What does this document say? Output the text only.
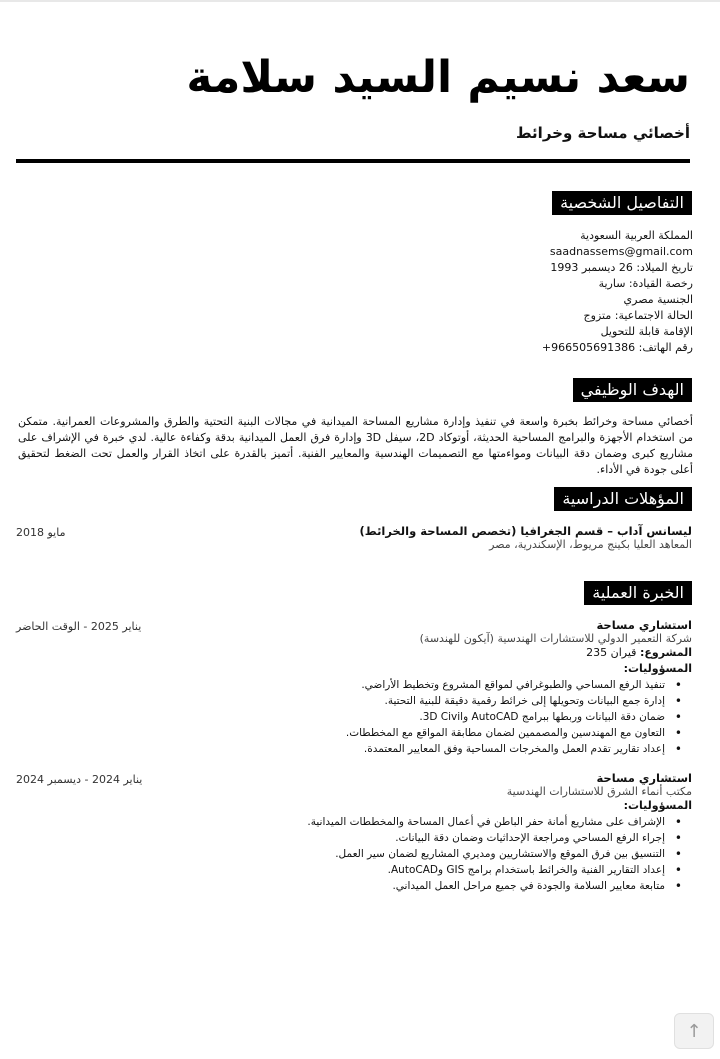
سعد نسيم السيد سلامة
أخصائي مساحة وخرائط
التفاصيل الشخصية
المملكة العربية السعودية
saadnassems@gmail.com
تاريخ الميلاد: 26 ديسمبر 1993
رخصة القيادة: سارية
الجنسية مصري
الحالة الاجتماعية: متزوج
الإقامة قابلة للتحويل
رقم الهاتف: +966505691386
الهدف الوظيفي
أخصائي مساحة وخرائط بخبرة واسعة في تنفيذ وإدارة مشاريع المساحة الميدانية في مجالات البنية التحتية والطرق والمشروعات العمرانية. متمكن من استخدام الأجهزة والبرامج المساحية الحديثة، أوتوكاد 2D، سيفل 3D وإدارة فرق العمل الميدانية بدقة وكفاءة عالية. لدي خبرة في الإشراف على مشاريع كبرى وضمان دقة البيانات ومواءمتها مع التصميمات الهندسية والمعايير الفنية. أتميز بالقدرة على اتخاذ القرار والعمل تحت الضغط لتحقيق أعلى جودة في الأداء.
المؤهلات الدراسية
ليسانس آداب – قسم الجغرافيا (تخصص المساحة والخرائط)
المعاهد العليا بكينج مريوط، الإسكندرية، مصر
مايو 2018
الخبرة العملية
استشاري مساحة
شركة التعمير الدولي للاستشارات الهندسية (آيكون للهندسة)
المشروع: قيران 235
المسؤوليات:
• تنفيذ الرفع المساحي والطبوغرافي لمواقع المشروع وتخطيط الأراضي.
• إدارة جمع البيانات وتحويلها إلى خرائط رقمية دقيقة للبنية التحتية.
• ضمان دقة البيانات وربطها ببرامج AutoCAD و3D Civil.
• التعاون مع المهندسين والمصممين لضمان مطابقة المواقع مع المخططات.
• إعداد تقارير تقدم العمل والمخرجات المساحية وفق المعايير المعتمدة.
يناير 2025 - الوقت الحاضر
استشاري مساحة
مكتب أنماء الشرق للاستشارات الهندسية
المسؤوليات:
• الإشراف على مشاريع أمانة حفر الباطن في أعمال المساحة والمخططات الميدانية.
• إجراء الرفع المساحي ومراجعة الإحداثيات وضمان دقة البيانات.
• التنسيق بين فرق الموقع والاستشاريين ومديري المشاريع لضمان سير العمل.
• إعداد التقارير الفنية والخرائط باستخدام برامج GIS وAutoCAD.
• متابعة معايير السلامة والجودة في جميع مراحل العمل الميداني.
يناير 2024 - ديسمبر 2024
↑
